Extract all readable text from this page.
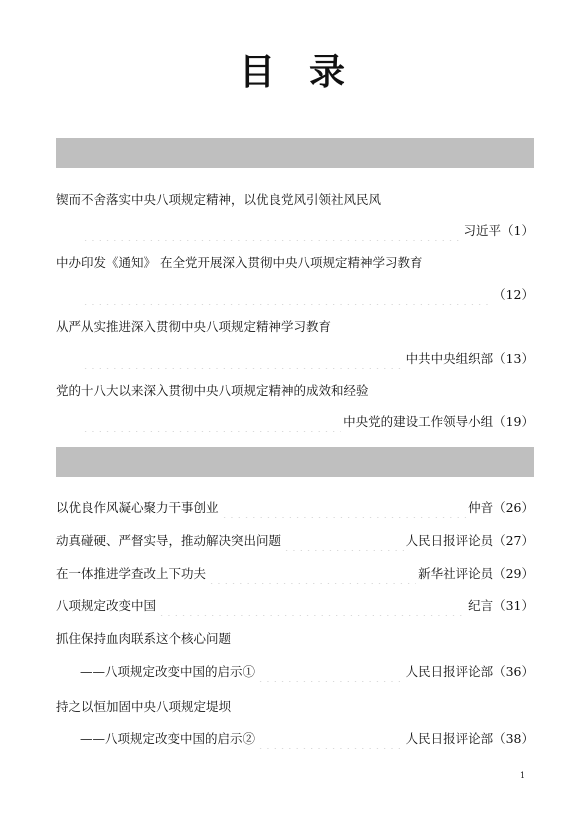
目录
锲而不舍落实中央八项规定精神，以优良党风引领社风民风
习近平 （1）
中办印发《通知》 在全党开展深入贯彻中央八项规定精神学习教育
（12）
从严从实推进深入贯彻中央八项规定精神学习教育
中共中央组织部 （13）
党的十八大以来深入贯彻中央八项规定精神的成效和经验
中央党的建设工作领导小组 （19）
以优良作风凝心聚力干事创业	仲音 （26）
动真碰硬、严督实导，推动解决突出问题	人民日报评论员 （27）
在一体推进学查改上下功夫	新华社评论员 （29）
八项规定改变中国	纪言 （31）
抓住保持血肉联系这个核心问题
——八项规定改变中国的启示①	人民日报评论部 （36）
持之以恒加固中央八项规定堤坝
——八项规定改变中国的启示②	人民日报评论部 （38）
1
